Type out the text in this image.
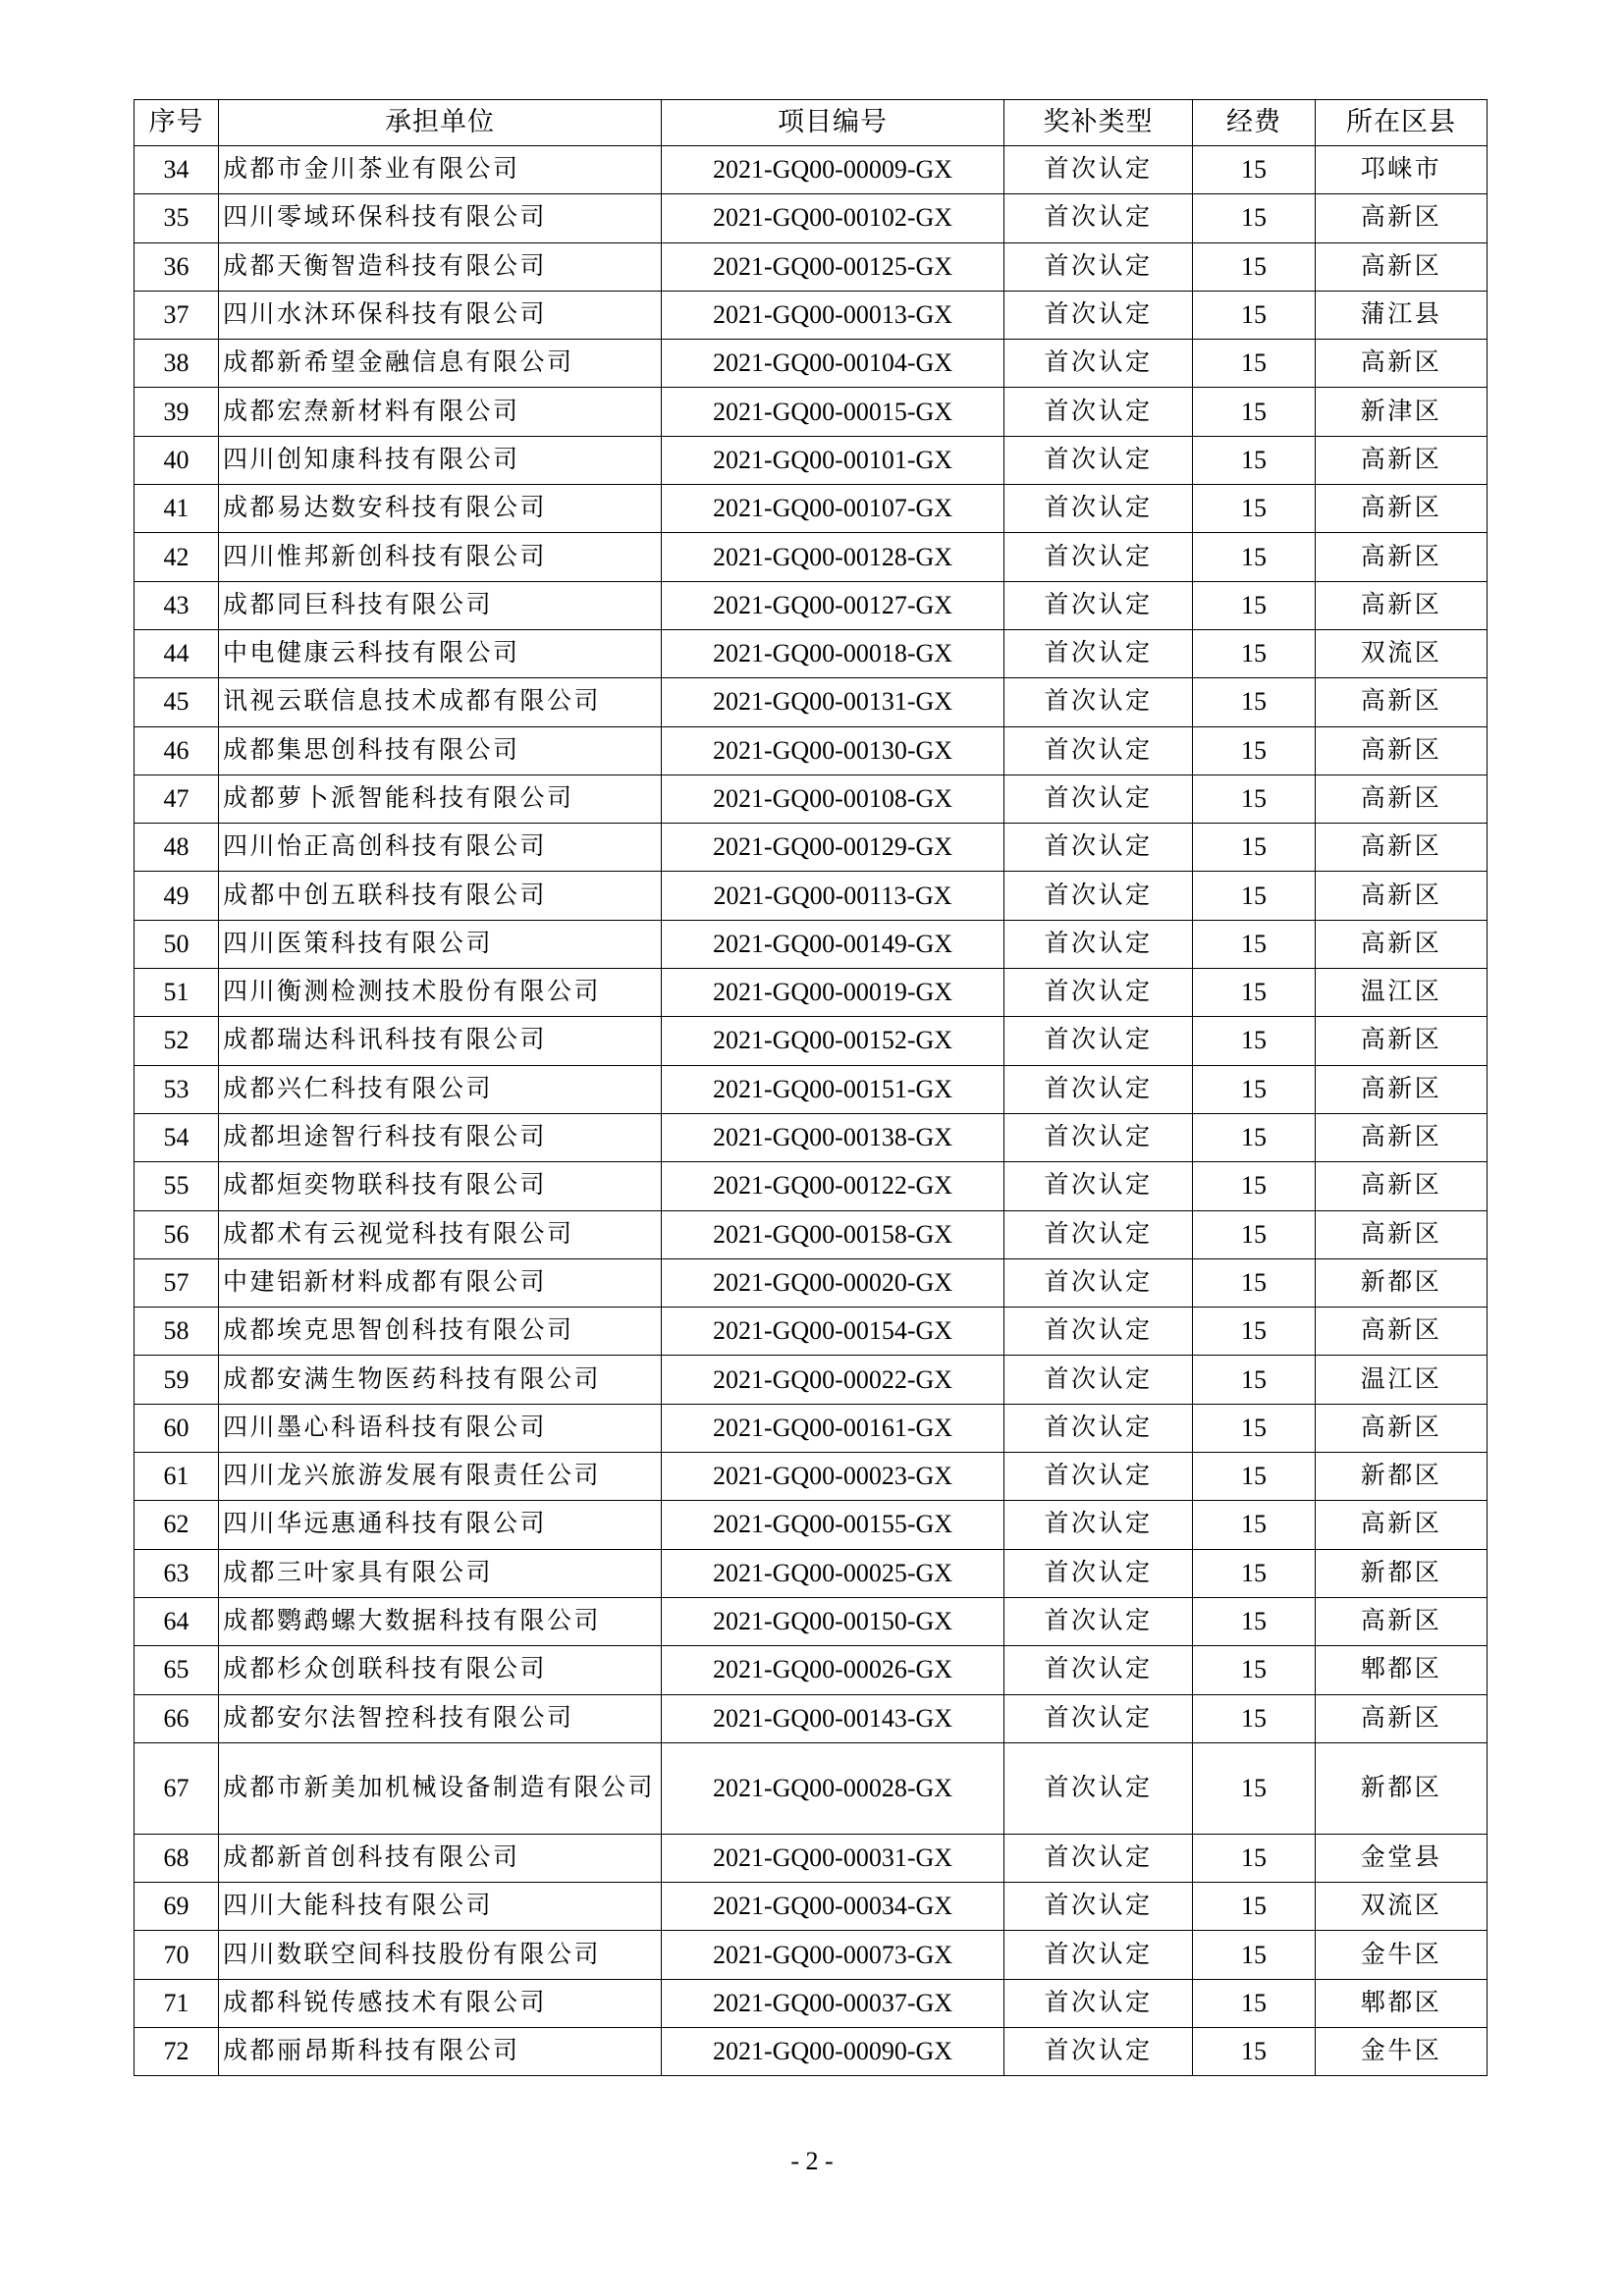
序号	承担单位	项目编号	奖补类型	经费	所在区县
34	成都市金川茶业有限公司	2021-GQ00-00009-GX	首次认定	15	邛崃市
35	四川零域环保科技有限公司	2021-GQ00-00102-GX	首次认定	15	高新区
36	成都天衡智造科技有限公司	2021-GQ00-00125-GX	首次认定	15	高新区
37	四川水沐环保科技有限公司	2021-GQ00-00013-GX	首次认定	15	蒲江县
38	成都新希望金融信息有限公司	2021-GQ00-00104-GX	首次认定	15	高新区
39	成都宏焘新材料有限公司	2021-GQ00-00015-GX	首次认定	15	新津区
40	四川创知康科技有限公司	2021-GQ00-00101-GX	首次认定	15	高新区
41	成都易达数安科技有限公司	2021-GQ00-00107-GX	首次认定	15	高新区
42	四川惟邦新创科技有限公司	2021-GQ00-00128-GX	首次认定	15	高新区
43	成都同巨科技有限公司	2021-GQ00-00127-GX	首次认定	15	高新区
44	中电健康云科技有限公司	2021-GQ00-00018-GX	首次认定	15	双流区
45	讯视云联信息技术成都有限公司	2021-GQ00-00131-GX	首次认定	15	高新区
46	成都集思创科技有限公司	2021-GQ00-00130-GX	首次认定	15	高新区
47	成都萝卜派智能科技有限公司	2021-GQ00-00108-GX	首次认定	15	高新区
48	四川怡正高创科技有限公司	2021-GQ00-00129-GX	首次认定	15	高新区
49	成都中创五联科技有限公司	2021-GQ00-00113-GX	首次认定	15	高新区
50	四川医策科技有限公司	2021-GQ00-00149-GX	首次认定	15	高新区
51	四川衡测检测技术股份有限公司	2021-GQ00-00019-GX	首次认定	15	温江区
52	成都瑞达科讯科技有限公司	2021-GQ00-00152-GX	首次认定	15	高新区
53	成都兴仁科技有限公司	2021-GQ00-00151-GX	首次认定	15	高新区
54	成都坦途智行科技有限公司	2021-GQ00-00138-GX	首次认定	15	高新区
55	成都烜奕物联科技有限公司	2021-GQ00-00122-GX	首次认定	15	高新区
56	成都术有云视觉科技有限公司	2021-GQ00-00158-GX	首次认定	15	高新区
57	中建铝新材料成都有限公司	2021-GQ00-00020-GX	首次认定	15	新都区
58	成都埃克思智创科技有限公司	2021-GQ00-00154-GX	首次认定	15	高新区
59	成都安满生物医药科技有限公司	2021-GQ00-00022-GX	首次认定	15	温江区
60	四川墨心科语科技有限公司	2021-GQ00-00161-GX	首次认定	15	高新区
61	四川龙兴旅游发展有限责任公司	2021-GQ00-00023-GX	首次认定	15	新都区
62	四川华远惠通科技有限公司	2021-GQ00-00155-GX	首次认定	15	高新区
63	成都三叶家具有限公司	2021-GQ00-00025-GX	首次认定	15	新都区
64	成都鹦鹉螺大数据科技有限公司	2021-GQ00-00150-GX	首次认定	15	高新区
65	成都杉众创联科技有限公司	2021-GQ00-00026-GX	首次认定	15	郫都区
66	成都安尔法智控科技有限公司	2021-GQ00-00143-GX	首次认定	15	高新区
67	成都市新美加机械设备制造有限公司	2021-GQ00-00028-GX	首次认定	15	新都区
68	成都新首创科技有限公司	2021-GQ00-00031-GX	首次认定	15	金堂县
69	四川大能科技有限公司	2021-GQ00-00034-GX	首次认定	15	双流区
70	四川数联空间科技股份有限公司	2021-GQ00-00073-GX	首次认定	15	金牛区
71	成都科锐传感技术有限公司	2021-GQ00-00037-GX	首次认定	15	郫都区
72	成都丽昂斯科技有限公司	2021-GQ00-00090-GX	首次认定	15	金牛区
- 2 -
